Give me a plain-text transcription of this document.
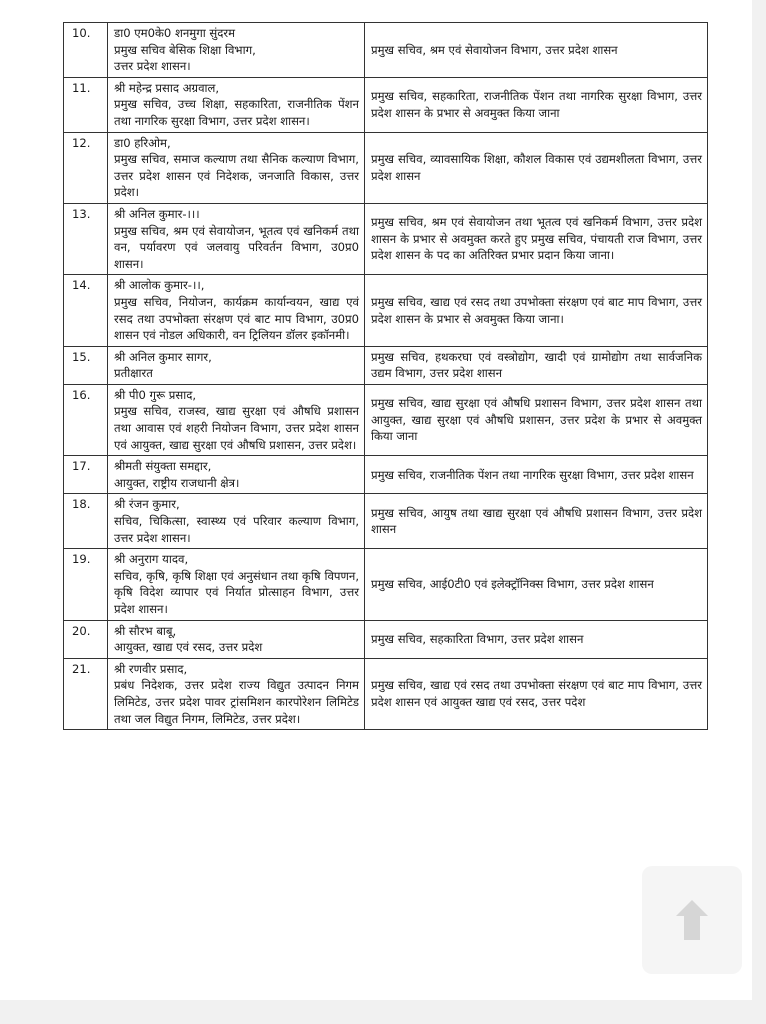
10.	डा0 एम0के0 शनमुगा सुंदरम
प्रमुख सचिव बेसिक शिक्षा विभाग,
उत्तर प्रदेश शासन।	प्रमुख सचिव, श्रम एवं सेवायोजन विभाग, उत्तर प्रदेश शासन
11.	श्री महेन्द्र प्रसाद अग्रवाल,
प्रमुख सचिव, उच्च शिक्षा, सहकारिता, राजनीतिक पेंशन तथा नागरिक सुरक्षा विभाग, उत्तर प्रदेश शासन।	प्रमुख सचिव, सहकारिता, राजनीतिक पेंशन तथा नागरिक सुरक्षा विभाग, उत्तर प्रदेश शासन के प्रभार से अवमुक्त किया जाना
12.	डा0 हरिओम,
प्रमुख सचिव, समाज कल्याण तथा सैनिक कल्याण विभाग, उत्तर प्रदेश शासन एवं निदेशक, जनजाति विकास, उत्तर प्रदेश।	प्रमुख सचिव, व्यावसायिक शिक्षा, कौशल विकास एवं उद्यमशीलता विभाग, उत्तर प्रदेश शासन
13.	श्री अनिल कुमार-।।।
प्रमुख सचिव, श्रम एवं सेवायोजन, भूतत्व एवं खनिकर्म तथा वन, पर्यावरण एवं जलवायु परिवर्तन विभाग, उ0प्र0 शासन।	प्रमुख सचिव, श्रम एवं सेवायोजन तथा भूतत्व एवं खनिकर्म विभाग, उत्तर प्रदेश शासन के प्रभार से अवमुक्त करते हुए प्रमुख सचिव, पंचायती राज विभाग, उत्तर प्रदेश शासन के पद का अतिरिक्त प्रभार प्रदान किया जाना।
14.	श्री आलोक कुमार-।।,
प्रमुख सचिव, नियोजन, कार्यक्रम कार्यान्वयन, खाद्य एवं रसद तथा उपभोक्ता संरक्षण एवं बाट माप विभाग, उ0प्र0 शासन एवं नोडल अधिकारी, वन ट्रिलियन डॉलर इकॉनमी।	प्रमुख सचिव, खाद्य एवं रसद तथा उपभोक्ता संरक्षण एवं बाट माप विभाग, उत्तर प्रदेश शासन के प्रभार से अवमुक्त किया जाना।
15.	श्री अनिल कुमार सागर,
प्रतीक्षारत	प्रमुख सचिव, हथकरघा एवं वस्त्रोद्योग, खादी एवं ग्रामोद्योग तथा सार्वजनिक उद्यम विभाग, उत्तर प्रदेश शासन
16.	श्री पी0 गुरू प्रसाद,
प्रमुख सचिव, राजस्व, खाद्य सुरक्षा एवं औषधि प्रशासन तथा आवास एवं शहरी नियोजन विभाग, उत्तर प्रदेश शासन एवं आयुक्त, खाद्य सुरक्षा एवं औषधि प्रशासन, उत्तर प्रदेश।	प्रमुख सचिव, खाद्य सुरक्षा एवं औषधि प्रशासन विभाग, उत्तर प्रदेश शासन तथा आयुक्त, खाद्य सुरक्षा एवं औषधि प्रशासन, उत्तर प्रदेश के प्रभार से अवमुक्त किया जाना
17.	श्रीमती संयुक्ता समद्दार,
आयुक्त, राष्ट्रीय राजधानी क्षेत्र।	प्रमुख सचिव, राजनीतिक पेंशन तथा नागरिक सुरक्षा विभाग, उत्तर प्रदेश शासन
18.	श्री रंजन कुमार,
सचिव, चिकित्सा, स्वास्थ्य एवं परिवार कल्याण विभाग, उत्तर प्रदेश शासन।	प्रमुख सचिव, आयुष तथा खाद्य सुरक्षा एवं औषधि प्रशासन विभाग, उत्तर प्रदेश शासन
19.	श्री अनुराग यादव,
सचिव, कृषि, कृषि शिक्षा एवं अनुसंधान तथा कृषि विपणन, कृषि विदेश व्यापार एवं निर्यात प्रोत्साहन विभाग, उत्तर प्रदेश शासन।	प्रमुख सचिव, आई0टी0 एवं इलेक्ट्रॉनिक्स विभाग, उत्तर प्रदेश शासन
20.	श्री सौरभ बाबू,
आयुक्त, खाद्य एवं रसद, उत्तर प्रदेश	प्रमुख सचिव, सहकारिता विभाग, उत्तर प्रदेश शासन
21.	श्री रणवीर प्रसाद,
प्रबंध निदेशक, उत्तर प्रदेश राज्य विद्युत उत्पादन निगम लिमिटेड, उत्तर प्रदेश पावर ट्रांसमिशन कारपोरेशन लिमिटेड तथा जल विद्युत निगम, लिमिटेड, उत्तर प्रदेश।	प्रमुख सचिव, खाद्य एवं रसद तथा उपभोक्ता संरक्षण एवं बाट माप विभाग, उत्तर प्रदेश शासन एवं आयुक्त खाद्य एवं रसद, उत्तर पदेश
